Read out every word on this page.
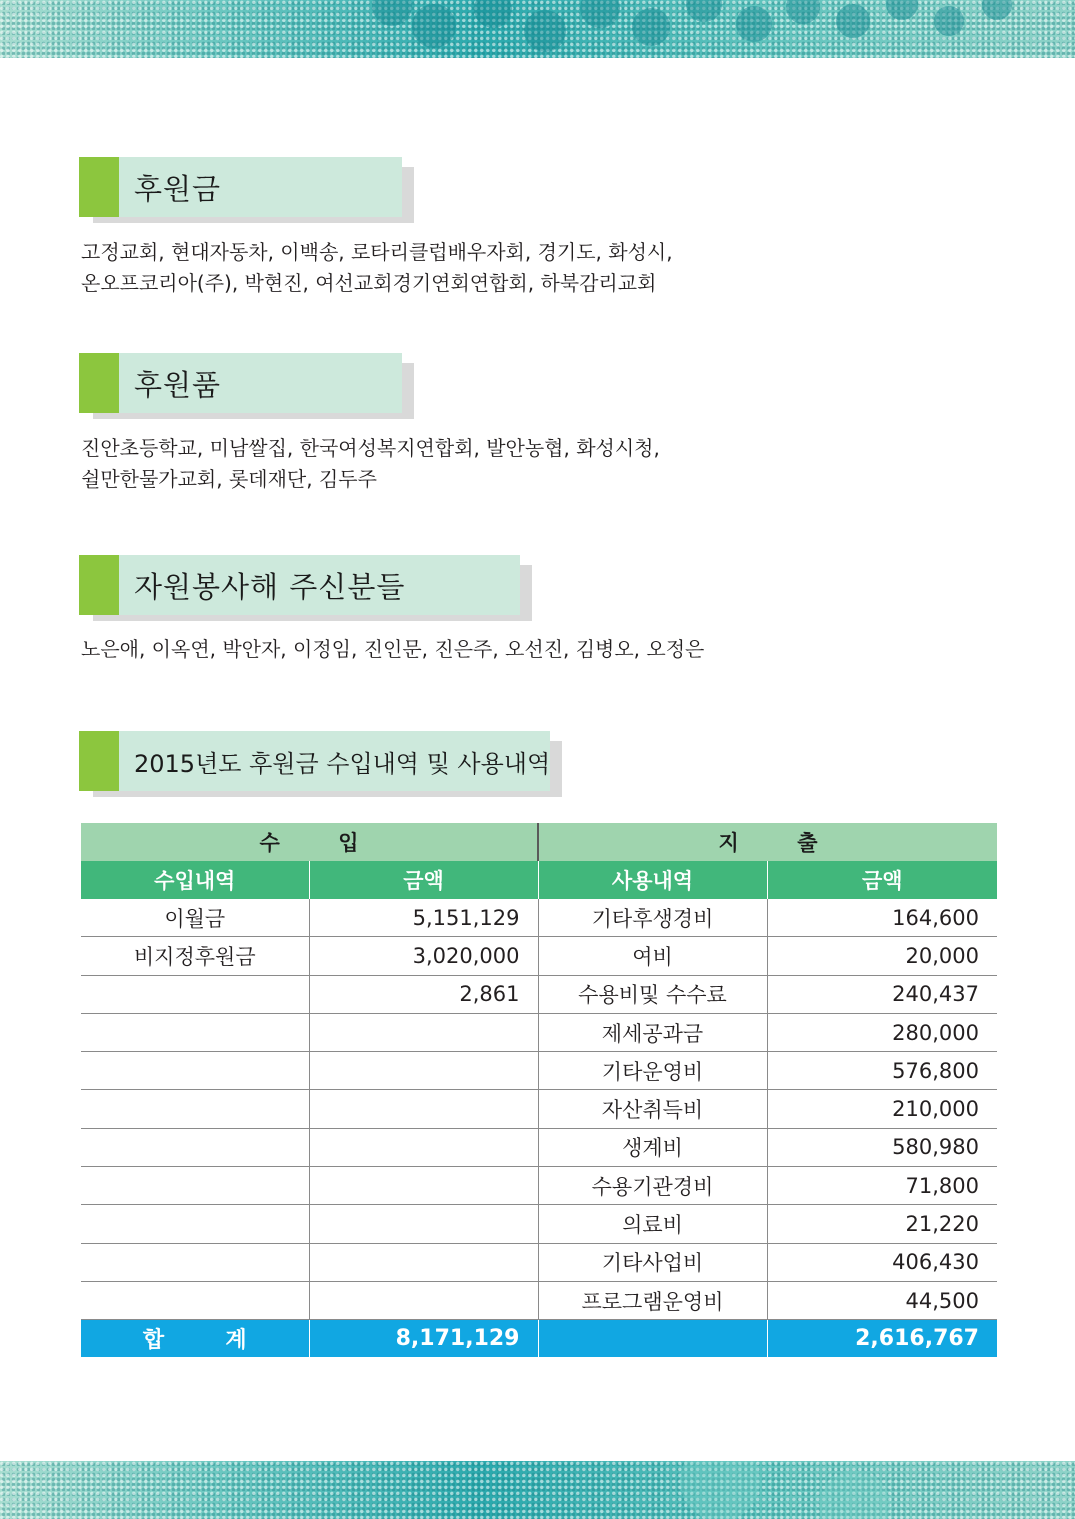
후원금
고정교회, 현대자동차, 이백송, 로타리클럽배우자회, 경기도, 화성시,
온오프코리아(주), 박현진, 여선교회경기연회연합회, 하북감리교회
후원품
진안초등학교, 미남쌀집, 한국여성복지연합회, 발안농협, 화성시청,
쉴만한물가교회, 롯데재단, 김두주
자원봉사해 주신분들
노은애, 이옥연, 박안자, 이정임, 진인문, 진은주, 오선진, 김병오, 오정은
2015년도 후원금 수입내역 및 사용내역
수        입		지        출	
수입내역	금액	사용내역	금액
이월금	5,151,129	기타후생경비	164,600
비지정후원금	3,020,000	여비	20,000
	2,861	수용비및 수수료	240,437
		제세공과금	280,000
		기타운영비	576,800
		자산취득비	210,000
		생계비	580,980
		수용기관경비	71,800
		의료비	21,220
		기타사업비	406,430
		프로그램운영비	44,500
합        계	8,171,129		2,616,767
